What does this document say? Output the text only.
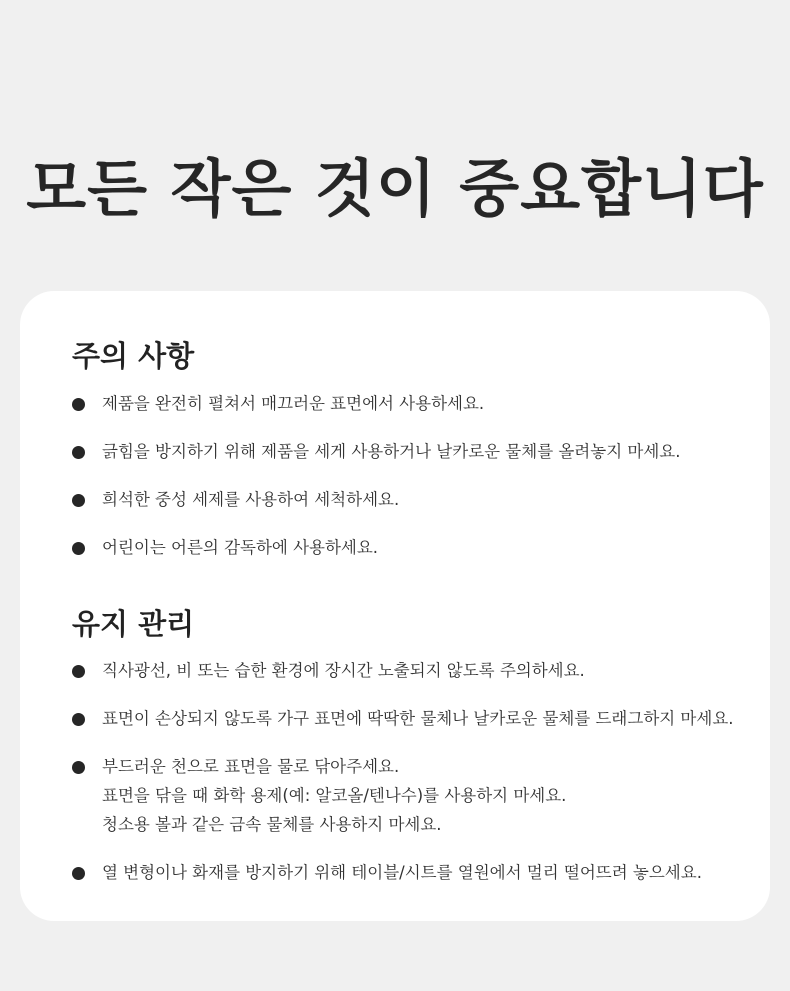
모든 작은 것이 중요합니다
주의 사항
제품을 완전히 펼쳐서 매끄러운 표면에서 사용하세요.
긁힘을 방지하기 위해 제품을 세게 사용하거나 날카로운 물체를 올려놓지 마세요.
희석한 중성 세제를 사용하여 세척하세요.
어린이는 어른의 감독하에 사용하세요.
유지 관리
직사광선, 비 또는 습한 환경에 장시간 노출되지 않도록 주의하세요.
표면이 손상되지 않도록 가구 표면에 딱딱한 물체나 날카로운 물체를 드래그하지 마세요.
부드러운 천으로 표면을 물로 닦아주세요.
표면을 닦을 때 화학 용제(예: 알코올/텐나수)를 사용하지 마세요.
청소용 볼과 같은 금속 물체를 사용하지 마세요.
열 변형이나 화재를 방지하기 위해 테이블/시트를 열원에서 멀리 떨어뜨려 놓으세요.
